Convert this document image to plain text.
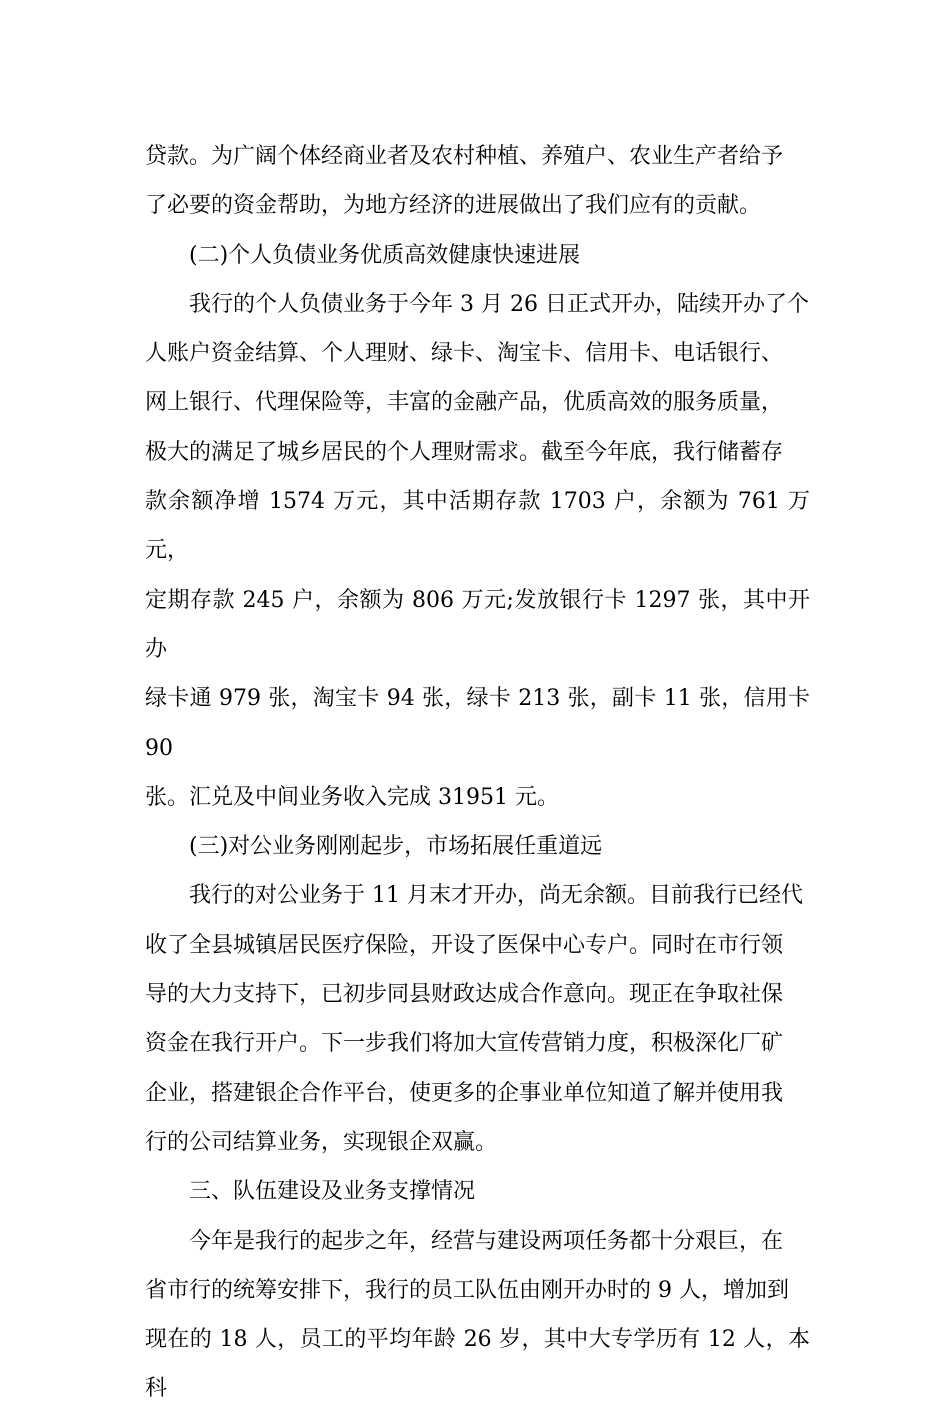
贷款。为广阔个体经商业者及农村种植、养殖户、农业生产者给予
了必要的资金帮助，为地方经济的进展做出了我们应有的贡献。

(二)个人负债业务优质高效健康快速进展

我行的个人负债业务于今年 3 月 26 日正式开办，陆续开办了个
人账户资金结算、个人理财、绿卡、淘宝卡、信用卡、电话银行、
网上银行、代理保险等，丰富的金融产品，优质高效的服务质量，
极大的满足了城乡居民的个人理财需求。截至今年底，我行储蓄存
款余额净增 1574 万元，其中活期存款 1703 户，余额为 761 万元，
定期存款 245 户，余额为 806 万元;发放银行卡 1297 张，其中开办
绿卡通 979 张，淘宝卡 94 张，绿卡 213 张，副卡 11 张，信用卡 90
张。汇兑及中间业务收入完成 31951 元。

(三)对公业务刚刚起步，市场拓展任重道远

我行的对公业务于 11 月末才开办，尚无余额。目前我行已经代
收了全县城镇居民医疗保险，开设了医保中心专户。同时在市行领
导的大力支持下，已初步同县财政达成合作意向。现正在争取社保
资金在我行开户。下一步我们将加大宣传营销力度，积极深化厂矿
企业，搭建银企合作平台，使更多的企事业单位知道了解并使用我
行的公司结算业务，实现银企双赢。

三、队伍建设及业务支撑情况

今年是我行的起步之年，经营与建设两项任务都十分艰巨，在
省市行的统筹安排下，我行的员工队伍由刚开办时的 9 人，增加到
现在的 18 人，员工的平均年龄 26 岁，其中大专学历有 12 人，本科
